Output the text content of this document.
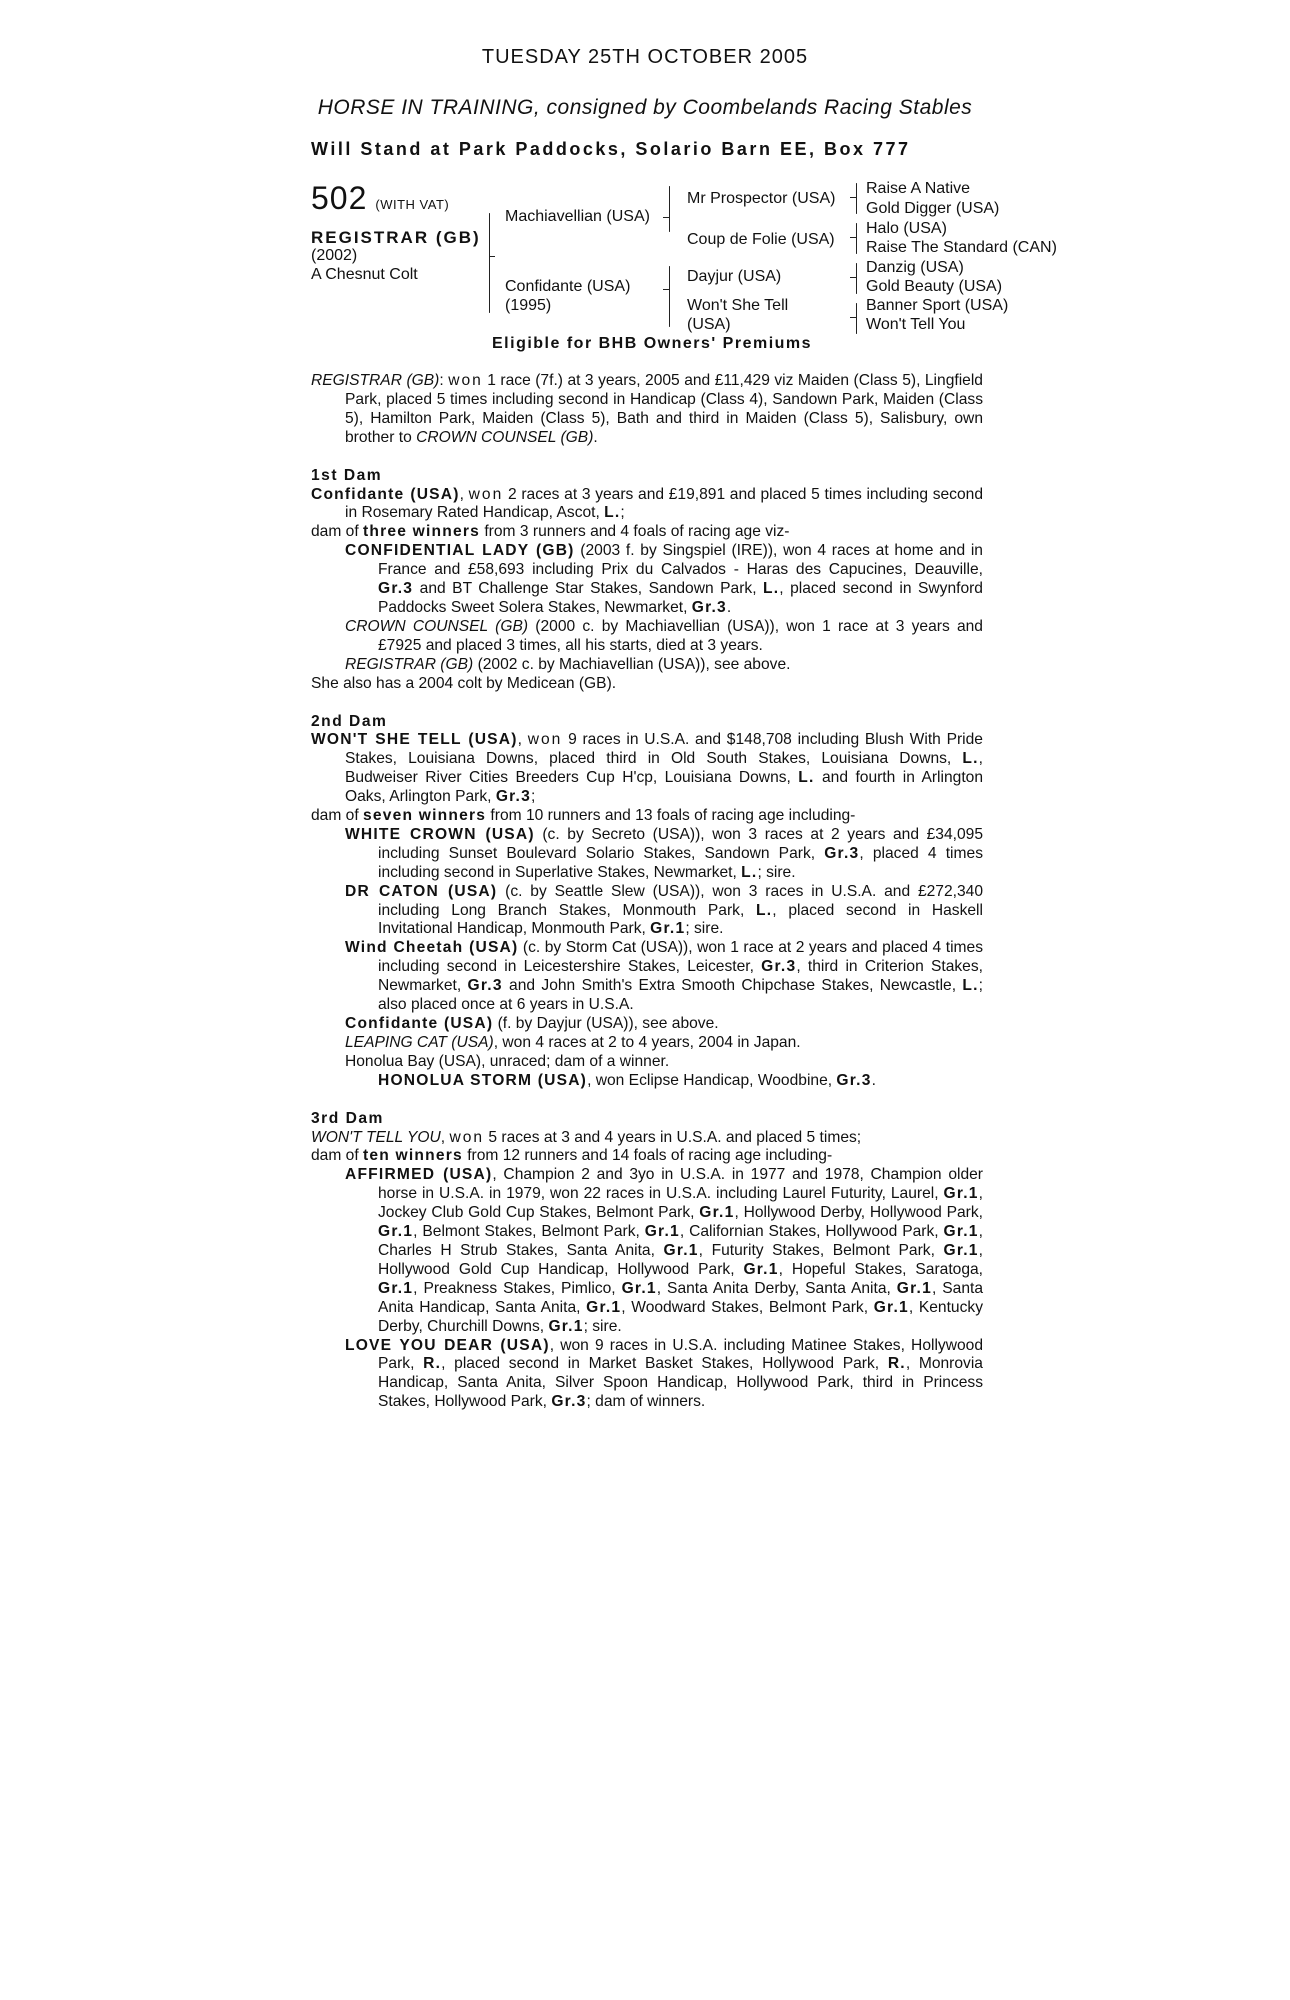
TUESDAY 25TH OCTOBER 2005
HORSE IN TRAINING, consigned by Coombelands Racing Stables
Will Stand at Park Paddocks, Solario Barn EE, Box 777
502 (WITH VAT)
REGISTRAR (GB)
(2002)
A Chesnut Colt
Machiavellian (USA)
Confidante (USA)
(1995)
Mr Prospector (USA)
Coup de Folie (USA)
Dayjur (USA)
Won't She Tell
(USA)
Raise A Native
Gold Digger (USA)
Halo (USA)
Raise The Standard (CAN)
Danzig (USA)
Gold Beauty (USA)
Banner Sport (USA)
Won't Tell You
Eligible for BHB Owners' Premiums

REGISTRAR (GB): won 1 race (7f.) at 3 years, 2005 and £11,429 viz Maiden (Class 5), Lingfield Park, placed 5 times including second in Handicap (Class 4), Sandown Park, Maiden (Class 5), Hamilton Park, Maiden (Class 5), Bath and third in Maiden (Class 5), Salisbury, own brother to CROWN COUNSEL (GB).

1st Dam

Confidante (USA), won 2 races at 3 years and £19,891 and placed 5 times including second in Rosemary Rated Handicap, Ascot, L.;

dam of three winners from 3 runners and 4 foals of racing age viz-

CONFIDENTIAL LADY (GB) (2003 f. by Singspiel (IRE)), won 4 races at home and in France and £58,693 including Prix du Calvados - Haras des Capucines, Deauville, Gr.3 and BT Challenge Star Stakes, Sandown Park, L., placed second in Swynford Paddocks Sweet Solera Stakes, Newmarket, Gr.3.

CROWN COUNSEL (GB) (2000 c. by Machiavellian (USA)), won 1 race at 3 years and £7925 and placed 3 times, all his starts, died at 3 years.

REGISTRAR (GB) (2002 c. by Machiavellian (USA)), see above.

She also has a 2004 colt by Medicean (GB).

2nd Dam

WON'T SHE TELL (USA), won 9 races in U.S.A. and $148,708 including Blush With Pride Stakes, Louisiana Downs, placed third in Old South Stakes, Louisiana Downs, L., Budweiser River Cities Breeders Cup H'cp, Louisiana Downs, L. and fourth in Arlington Oaks, Arlington Park, Gr.3;

dam of seven winners from 10 runners and 13 foals of racing age including-

WHITE CROWN (USA) (c. by Secreto (USA)), won 3 races at 2 years and £34,095 including Sunset Boulevard Solario Stakes, Sandown Park, Gr.3, placed 4 times including second in Superlative Stakes, Newmarket, L.; sire.

DR CATON (USA) (c. by Seattle Slew (USA)), won 3 races in U.S.A. and £272,340 including Long Branch Stakes, Monmouth Park, L., placed second in Haskell Invitational Handicap, Monmouth Park, Gr.1; sire.

Wind Cheetah (USA) (c. by Storm Cat (USA)), won 1 race at 2 years and placed 4 times including second in Leicestershire Stakes, Leicester, Gr.3, third in Criterion Stakes, Newmarket, Gr.3 and John Smith's Extra Smooth Chipchase Stakes, Newcastle, L.; also placed once at 6 years in U.S.A.

Confidante (USA) (f. by Dayjur (USA)), see above.

LEAPING CAT (USA), won 4 races at 2 to 4 years, 2004 in Japan.

Honolua Bay (USA), unraced; dam of a winner.

HONOLUA STORM (USA), won Eclipse Handicap, Woodbine, Gr.3.

3rd Dam

WON'T TELL YOU, won 5 races at 3 and 4 years in U.S.A. and placed 5 times;

dam of ten winners from 12 runners and 14 foals of racing age including-

AFFIRMED (USA), Champion 2 and 3yo in U.S.A. in 1977 and 1978, Champion older horse in U.S.A. in 1979, won 22 races in U.S.A. including Laurel Futurity, Laurel, Gr.1, Jockey Club Gold Cup Stakes, Belmont Park, Gr.1, Hollywood Derby, Hollywood Park, Gr.1, Belmont Stakes, Belmont Park, Gr.1, Californian Stakes, Hollywood Park, Gr.1, Charles H Strub Stakes, Santa Anita, Gr.1, Futurity Stakes, Belmont Park, Gr.1, Hollywood Gold Cup Handicap, Hollywood Park, Gr.1, Hopeful Stakes, Saratoga, Gr.1, Preakness Stakes, Pimlico, Gr.1, Santa Anita Derby, Santa Anita, Gr.1, Santa Anita Handicap, Santa Anita, Gr.1, Woodward Stakes, Belmont Park, Gr.1, Kentucky Derby, Churchill Downs, Gr.1; sire.

LOVE YOU DEAR (USA), won 9 races in U.S.A. including Matinee Stakes, Hollywood Park, R., placed second in Market Basket Stakes, Hollywood Park, R., Monrovia Handicap, Santa Anita, Silver Spoon Handicap, Hollywood Park, third in Princess Stakes, Hollywood Park, Gr.3; dam of winners.
